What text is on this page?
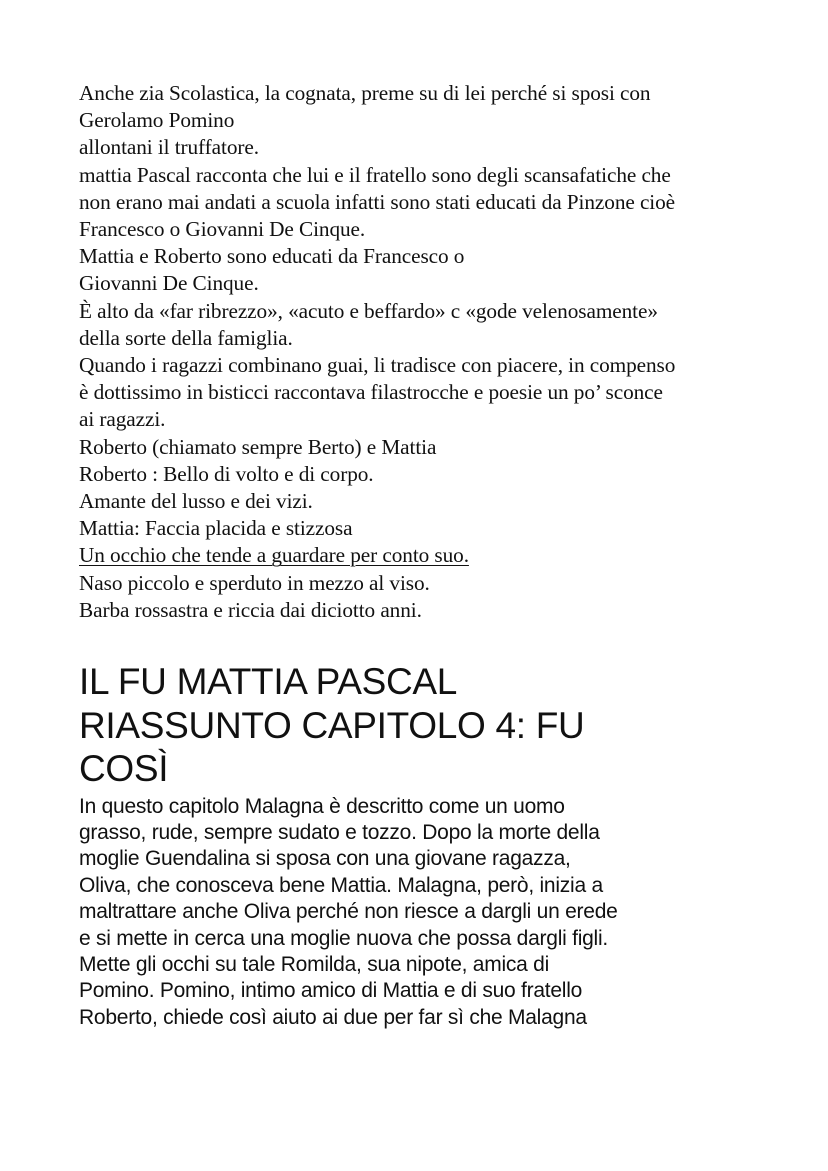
Anche zia Scolastica, la cognata, preme su di lei perché si sposi con
Gerolamo Pomino
allontani il truffatore.
mattia Pascal racconta che lui e il fratello sono degli scansafatiche che
non erano mai andati a scuola infatti sono stati educati da Pinzone cioè
Francesco o Giovanni De Cinque.
Mattia e Roberto sono educati da Francesco o
Giovanni De Cinque.
È alto da «far ribrezzo», «acuto e beffardo» c «gode velenosamente»
della sorte della famiglia.
Quando i ragazzi combinano guai, li tradisce con piacere, in compenso
è dottissimo in bisticci raccontava filastrocche e poesie un po’ sconce
ai ragazzi.
Roberto (chiamato sempre Berto) e Mattia
Roberto : Bello di volto e di corpo.
Amante del lusso e dei vizi.
Mattia: Faccia placida e stizzosa
Un occhio che tende a guardare per conto suo.
Naso piccolo e sperduto in mezzo al viso.
Barba rossastra e riccia dai diciotto anni.
IL FU MATTIA PASCAL
RIASSUNTO CAPITOLO 4: FU
COSÌ
In questo capitolo Malagna è descritto come un uomo
grasso, rude, sempre sudato e tozzo. Dopo la morte della
moglie Guendalina si sposa con una giovane ragazza,
Oliva, che conosceva bene Mattia. Malagna, però, inizia a
maltrattare anche Oliva perché non riesce a dargli un erede
e si mette in cerca una moglie nuova che possa dargli figli.
Mette gli occhi su tale Romilda, sua nipote, amica di
Pomino. Pomino, intimo amico di Mattia e di suo fratello
Roberto, chiede così aiuto ai due per far sì che Malagna
